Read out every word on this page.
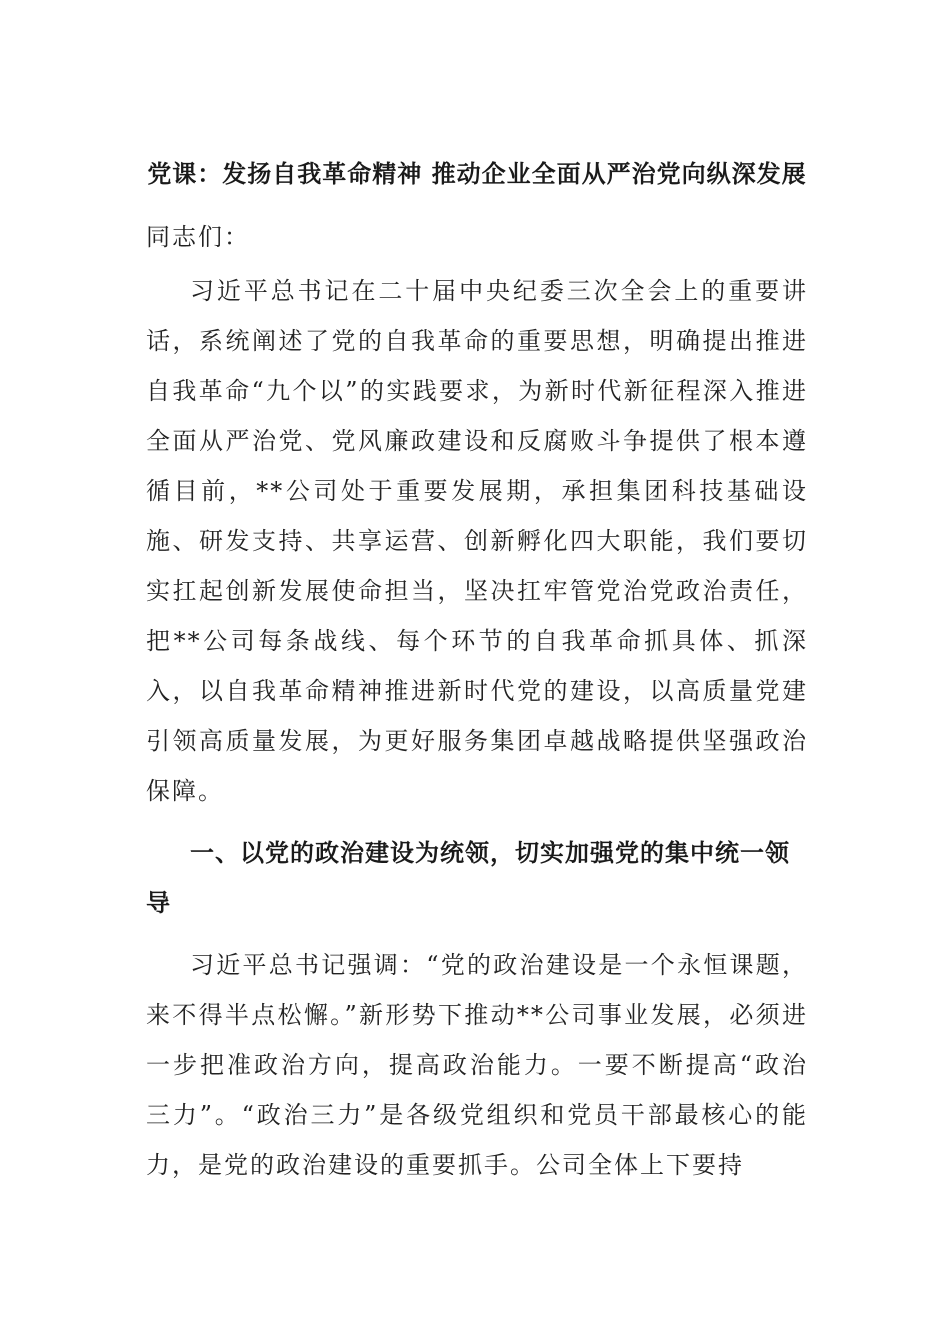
党课：发扬自我革命精神 推动企业全面从严治党向纵深发展
同志们：
习近平总书记在二十届中央纪委三次全会上的重要讲话，系统阐述了党的自我革命的重要思想，明确提出推进自我革命“九个以”的实践要求，为新时代新征程深入推进全面从严治党、党风廉政建设和反腐败斗争提供了根本遵循目前，**公司处于重要发展期，承担集团科技基础设施、研发支持、共享运营、创新孵化四大职能，我们要切实扛起创新发展使命担当，坚决扛牢管党治党政治责任，把**公司每条战线、每个环节的自我革命抓具体、抓深入，以自我革命精神推进新时代党的建设，以高质量党建引领高质量发展，为更好服务集团卓越战略提供坚强政治保障。
一、以党的政治建设为统领，切实加强党的集中统一领导
习近平总书记强调：“党的政治建设是一个永恒课题，来不得半点松懈。”新形势下推动**公司事业发展，必须进一步把准政治方向，提高政治能力。一要不断提高“政治三力”。“政治三力”是各级党组织和党员干部最核心的能力，是党的政治建设的重要抓手。公司全体上下要持
